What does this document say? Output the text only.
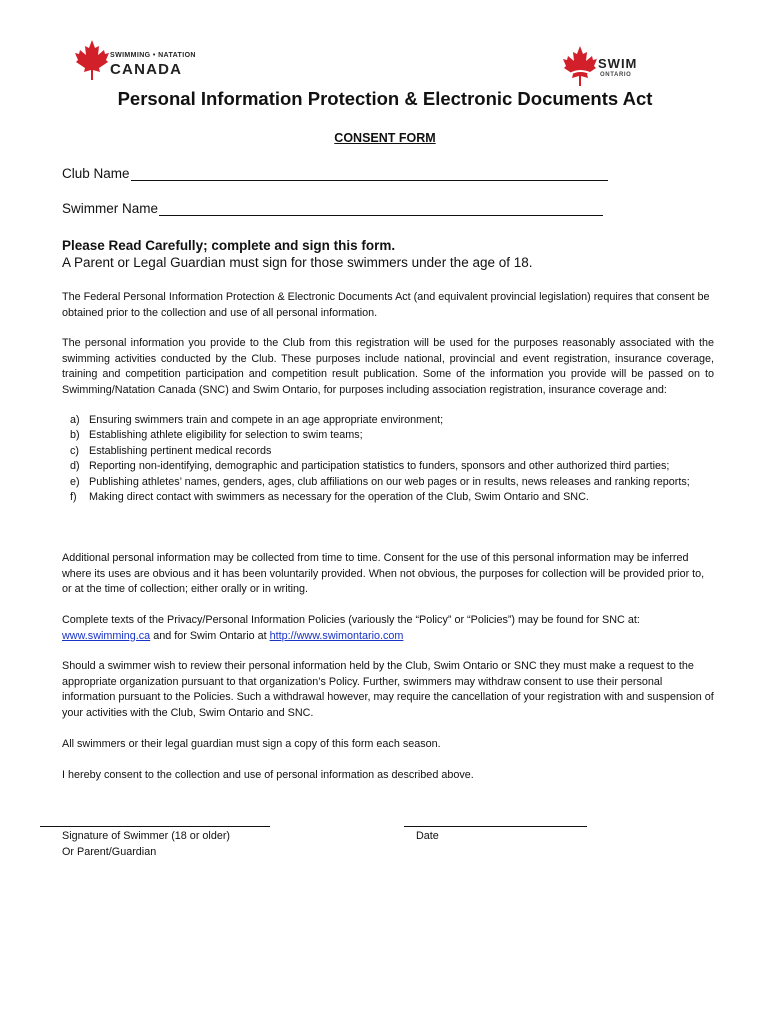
SWIMMING • NATATION
CANADA	SWIM
ONTARIO
Personal Information Protection & Electronic Documents Act
CONSENT FORM
Club Name
Swimmer Name
Please Read Carefully; complete and sign this form.
A Parent or Legal Guardian must sign for those swimmers under the age of 18.
The Federal Personal Information Protection & Electronic Documents Act (and equivalent provincial legislation) requires that consent be obtained prior to the collection and use of all personal information.
The personal information you provide to the Club from this registration will be used for the purposes reasonably associated with the swimming activities conducted by the Club. These purposes include national, provincial and event registration, insurance coverage, training and competition participation and competition result publication. Some of the information you provide will be passed on to Swimming/Natation Canada (SNC) and Swim Ontario, for purposes including association registration, insurance coverage and:
a) Ensuring swimmers train and compete in an age appropriate environment;
b) Establishing athlete eligibility for selection to swim teams;
c) Establishing pertinent medical records
d) Reporting non-identifying, demographic and participation statistics to funders, sponsors and other authorized third parties;
e) Publishing athletes’ names, genders, ages, club affiliations on our web pages or in results, news releases and ranking reports;
f)	Making direct contact with swimmers as necessary for the operation of the Club, Swim Ontario and SNC.
Additional personal information may be collected from time to time. Consent for the use of this personal information may be inferred where its uses are obvious and it has been voluntarily provided. When not obvious, the purposes for collection will be provided prior to, or at the time of collection; either orally or in writing.
Complete texts of the Privacy/Personal Information Policies (variously the “Policy” or “Policies”) may be found for SNC at:
www.swimming.ca and for Swim Ontario at http://www.swimontario.com
Should a swimmer wish to review their personal information held by the Club, Swim Ontario or SNC they must make a request to the appropriate organization pursuant to that organization’s Policy. Further, swimmers may withdraw consent to use their personal information pursuant to the Policies. Such a withdrawal however, may require the cancellation of your registration with and suspension of your activities with the Club, Swim Ontario and SNC.
All swimmers or their legal guardian must sign a copy of this form each season.
I hereby consent to the collection and use of personal information as described above.
Signature of Swimmer (18 or older)
Or Parent/Guardian
Date
